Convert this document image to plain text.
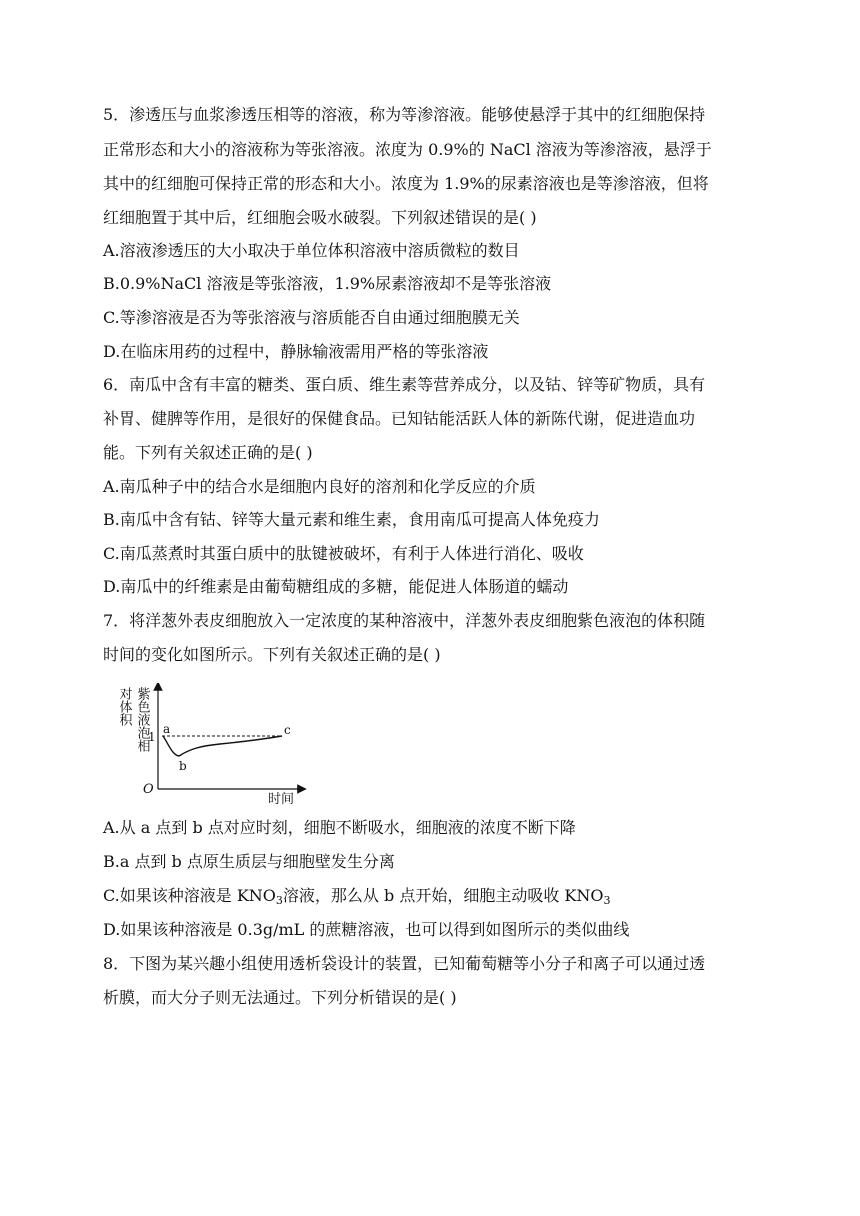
5．渗透压与血浆渗透压相等的溶液，称为等渗溶液。能够使悬浮于其中的红细胞保持
正常形态和大小的溶液称为等张溶液。浓度为 0.9%的 NaCl 溶液为等渗溶液，悬浮于
其中的红细胞可保持正常的形态和大小。浓度为 1.9%的尿素溶液也是等渗溶液，但将
红细胞置于其中后，红细胞会吸水破裂。下列叙述错误的是( )
A.溶液渗透压的大小取决于单位体积溶液中溶质微粒的数目
B.0.9%NaCl 溶液是等张溶液，1.9%尿素溶液却不是等张溶液
C.等渗溶液是否为等张溶液与溶质能否自由通过细胞膜无关
D.在临床用药的过程中，静脉输液需用严格的等张溶液
6．南瓜中含有丰富的糖类、蛋白质、维生素等营养成分，以及钴、锌等矿物质，具有
补胃、健脾等作用，是很好的保健食品。已知钴能活跃人体的新陈代谢，促进造血功
能。下列有关叙述正确的是( )
A.南瓜种子中的结合水是细胞内良好的溶剂和化学反应的介质
B.南瓜中含有钴、锌等大量元素和维生素，食用南瓜可提高人体免疫力
C.南瓜蒸煮时其蛋白质中的肽键被破坏，有利于人体进行消化、吸收
D.南瓜中的纤维素是由葡萄糖组成的多糖，能促进人体肠道的蠕动
7．将洋葱外表皮细胞放入一定浓度的某种溶液中，洋葱外表皮细胞紫色液泡的体积随
时间的变化如图所示。下列有关叙述正确的是( )
对体积 紫色液泡相
O
1
a
b
c
时间
A.从 a 点到 b 点对应时刻，细胞不断吸水，细胞液的浓度不断下降
B.a 点到 b 点原生质层与细胞壁发生分离
C.如果该种溶液是 $KNO_3$溶液，那么从 b 点开始，细胞主动吸收 $KNO_3$
D.如果该种溶液是 0.3g/mL 的蔗糖溶液，也可以得到如图所示的类似曲线
8．下图为某兴趣小组使用透析袋设计的装置，已知葡萄糖等小分子和离子可以通过透
析膜，而大分子则无法通过。下列分析错误的是( )
